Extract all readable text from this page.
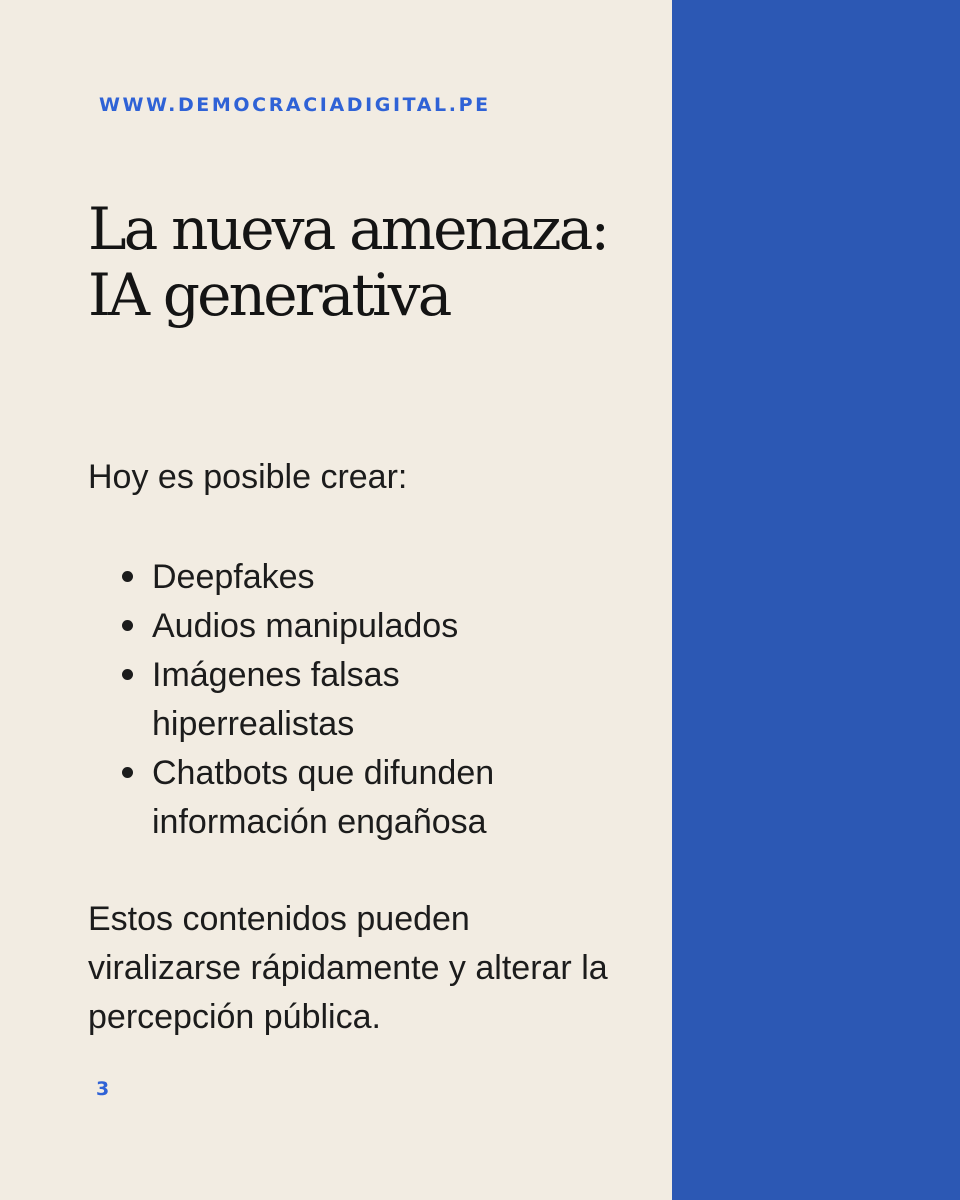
WWW.DEMOCRACIADIGITAL.PE
La nueva amenaza: IA generativa

Hoy es posible crear:

Deepfakes
Audios manipulados
Imágenes falsas hiperrealistas
Chatbots que difunden información engañosa

Estos contenidos pueden viralizarse rápidamente y alterar la percepción pública.

3
